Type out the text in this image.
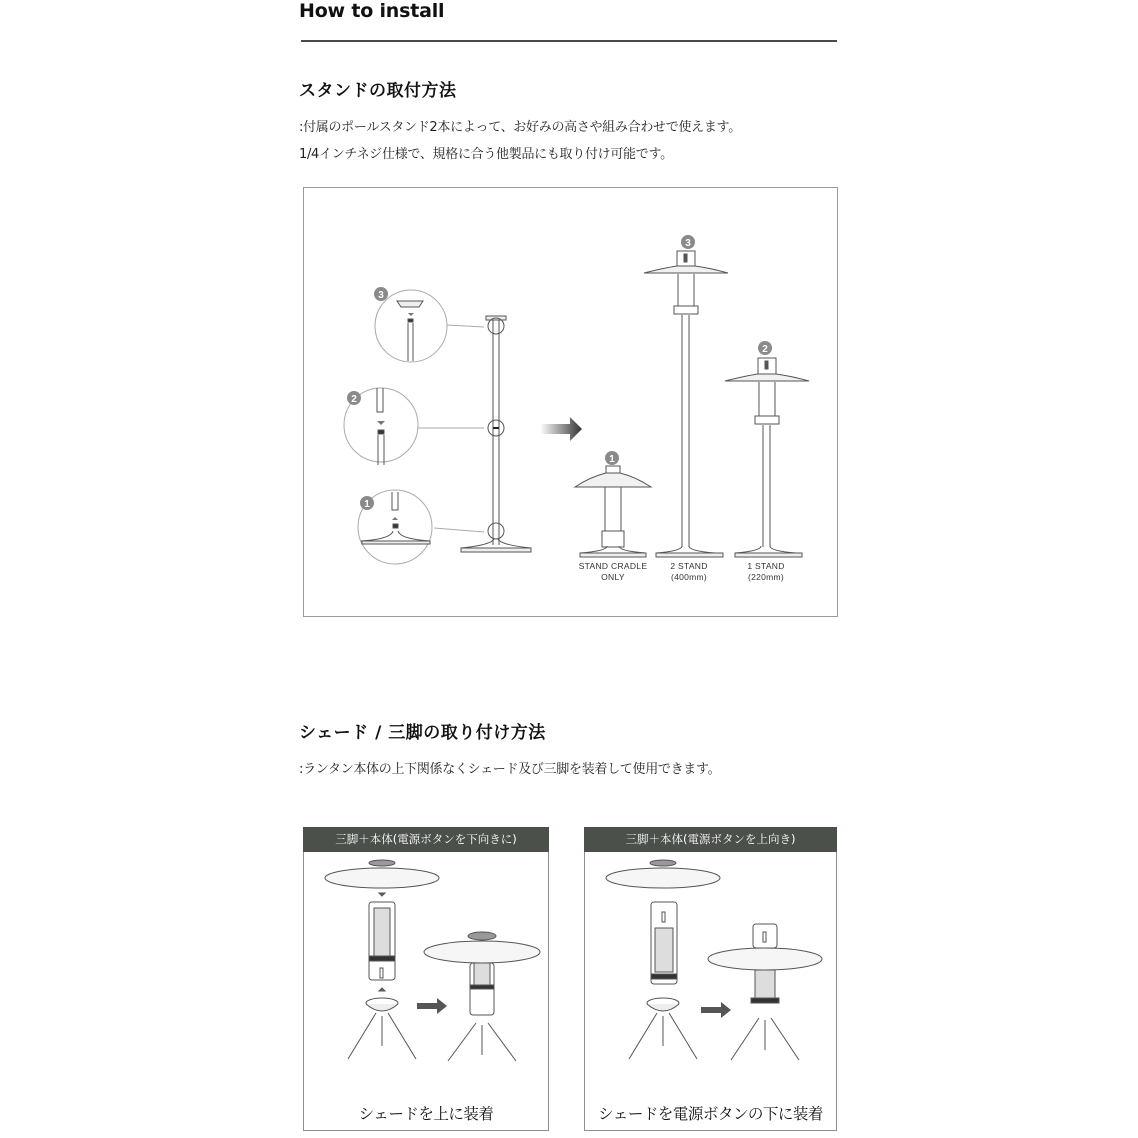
How to install
スタンドの取付方法
:付属のポールスタンド2本によって、お好みの高さや組み合わせで使えます。
1/4インチネジ仕様で、規格に合う他製品にも取り付け可能です。
3
2
1
1
3
2
STAND CRADLE
ONLY
2 STAND
(400mm)
1 STAND
(220mm)
シェード / 三脚の取り付け方法
:ランタン本体の上下関係なくシェード及び三脚を装着して使用できます。
三脚＋本体(電源ボタンを下向きに)
シェードを上に装着
三脚＋本体(電源ボタンを上向き)
シェードを電源ボタンの下に装着
